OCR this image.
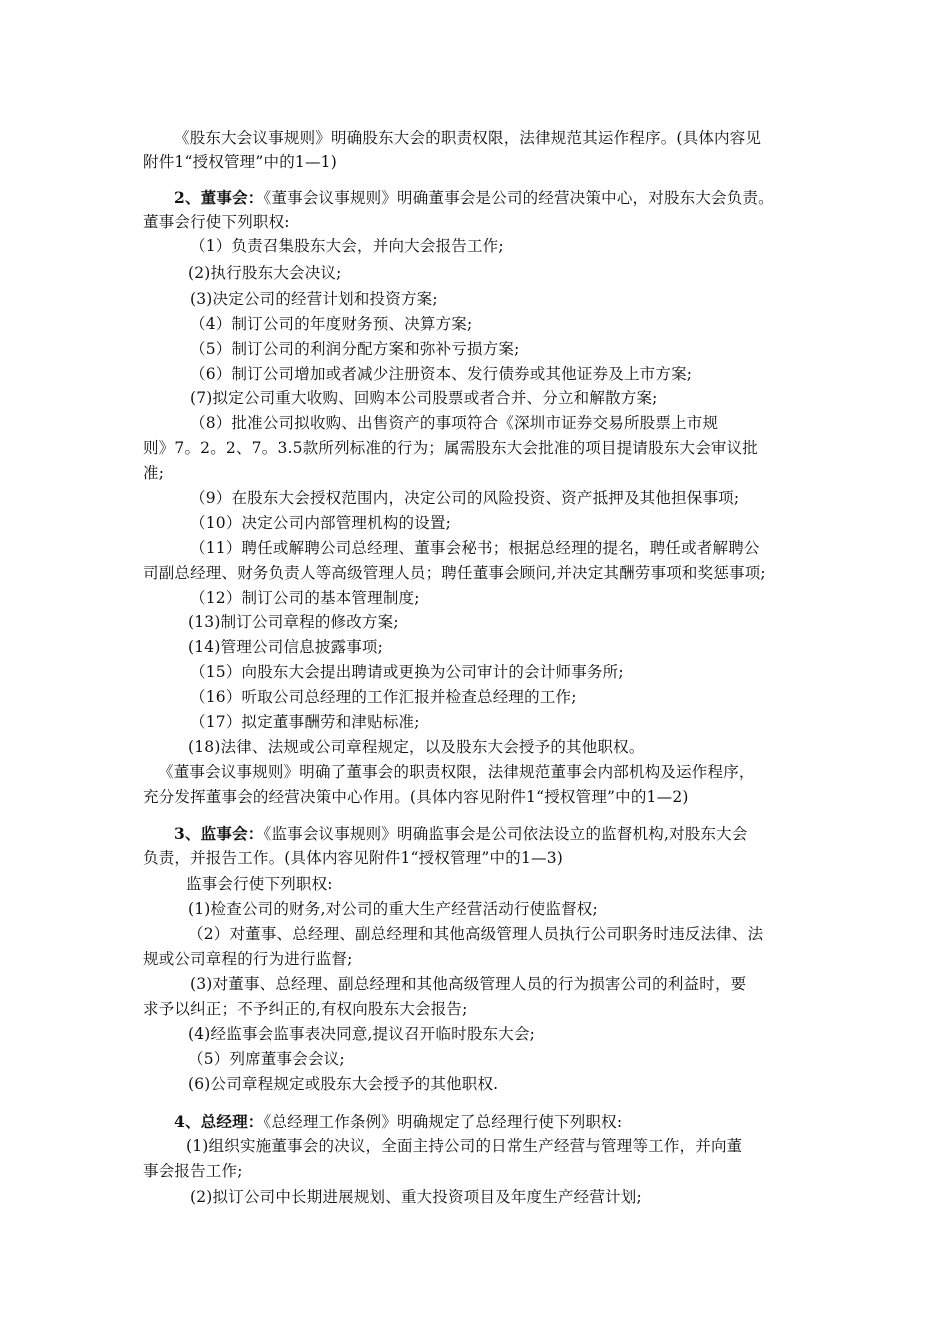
《股东大会议事规则》明确股东大会的职责权限，法律规范其运作程序。(具体内容见
附件1“授权管理”中的1—1)
2、董事会：《董事会议事规则》明确董事会是公司的经营决策中心，对股东大会负责。
董事会行使下列职权:
（1）负责召集股东大会，并向大会报告工作;
(2)执行股东大会决议;
(3)决定公司的经营计划和投资方案;
（4）制订公司的年度财务预、决算方案;
（5）制订公司的利润分配方案和弥补亏损方案;
（6）制订公司增加或者减少注册资本、发行债券或其他证券及上市方案;
(7)拟定公司重大收购、回购本公司股票或者合并、分立和解散方案;
（8）批准公司拟收购、出售资产的事项符合《深圳市证券交易所股票上市规
则》7。2。2、7。3.5款所列标准的行为；属需股东大会批准的项目提请股东大会审议批
准;
（9）在股东大会授权范围内，决定公司的风险投资、资产抵押及其他担保事项;
（10）决定公司内部管理机构的设置;
（11）聘任或解聘公司总经理、董事会秘书；根据总经理的提名，聘任或者解聘公
司副总经理、财务负责人等高级管理人员；聘任董事会顾问,并决定其酬劳事项和奖惩事项;
（12）制订公司的基本管理制度;
(13)制订公司章程的修改方案;
(14)管理公司信息披露事项;
（15）向股东大会提出聘请或更换为公司审计的会计师事务所;
（16）听取公司总经理的工作汇报并检查总经理的工作;
（17）拟定董事酬劳和津贴标准;
(18)法律、法规或公司章程规定，以及股东大会授予的其他职权。
《董事会议事规则》明确了董事会的职责权限，法律规范董事会内部机构及运作程序，
充分发挥董事会的经营决策中心作用。(具体内容见附件1“授权管理”中的1—2)
3、监事会：《监事会议事规则》明确监事会是公司依法设立的监督机构,对股东大会
负责，并报告工作。(具体内容见附件1“授权管理”中的1—3)
监事会行使下列职权:
(1)检查公司的财务,对公司的重大生产经营活动行使监督权;
（2）对董事、总经理、副总经理和其他高级管理人员执行公司职务时违反法律、法
规或公司章程的行为进行监督;
(3)对董事、总经理、副总经理和其他高级管理人员的行为损害公司的利益时，要
求予以纠正；不予纠正的,有权向股东大会报告;
(4)经监事会监事表决同意,提议召开临时股东大会;
（5）列席董事会会议;
(6)公司章程规定或股东大会授予的其他职权.
4、总经理：《总经理工作条例》明确规定了总经理行使下列职权:
(1)组织实施董事会的决议，全面主持公司的日常生产经营与管理等工作，并向董
事会报告工作;
(2)拟订公司中长期进展规划、重大投资项目及年度生产经营计划;
